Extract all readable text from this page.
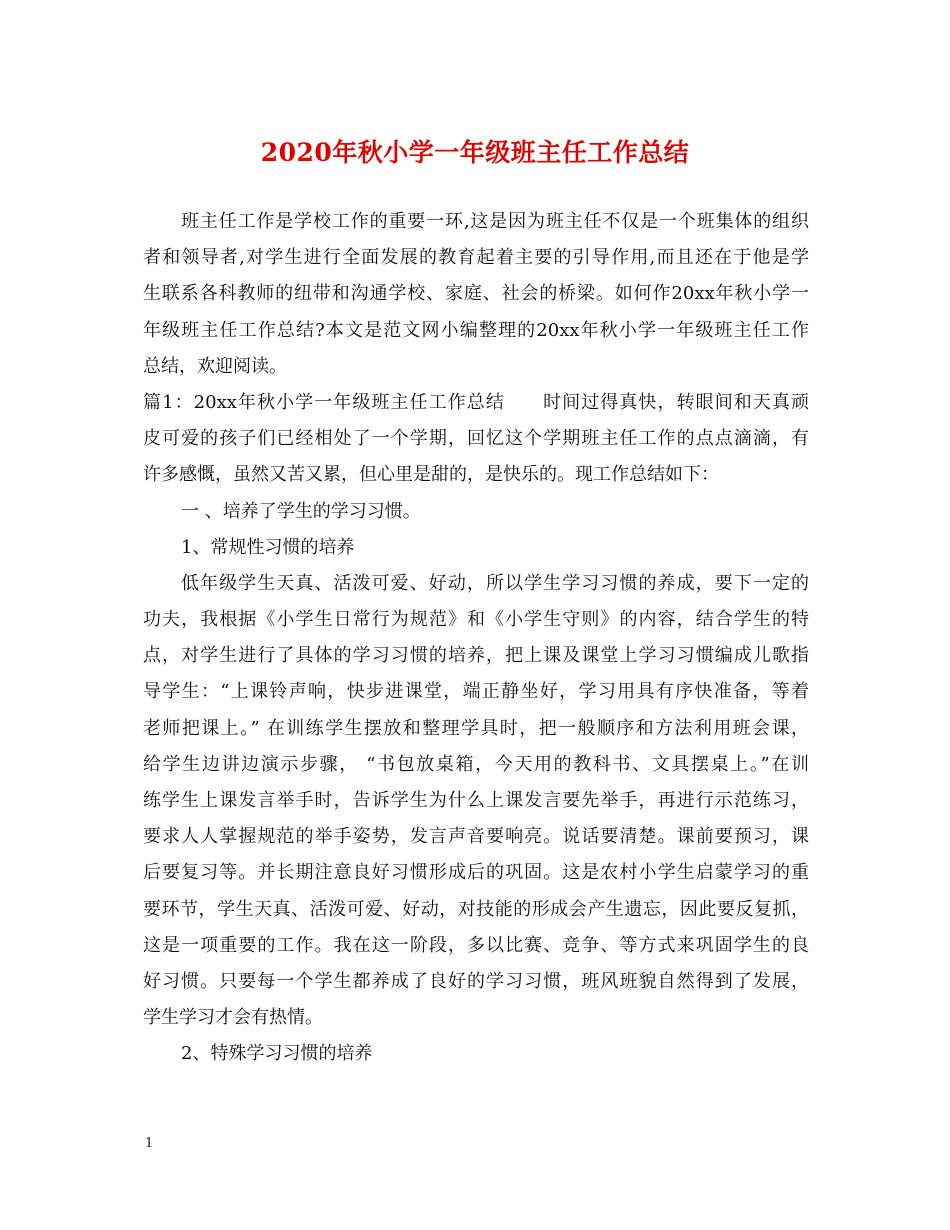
2020年秋小学一年级班主任工作总结
班主任工作是学校工作的重要一环,这是因为班主任不仅是一个班集体的组织
者和领导者,对学生进行全面发展的教育起着主要的引导作用,而且还在于他是学
生联系各科教师的纽带和沟通学校、家庭、社会的桥梁。如何作20xx年秋小学一
年级班主任工作总结?本文是范文网小编整理的20xx年秋小学一年级班主任工作
总结，欢迎阅读。
篇1：20xx年秋小学一年级班主任工作总结　　时间过得真快，转眼间和天真顽
皮可爱的孩子们已经相处了一个学期，回忆这个学期班主任工作的点点滴滴，有
许多感慨，虽然又苦又累，但心里是甜的，是快乐的。现工作总结如下：
一 、培养了学生的学习习惯。
1、常规性习惯的培养
低年级学生天真、活泼可爱、好动，所以学生学习习惯的养成，要下一定的
功夫，我根据《小学生日常行为规范》和《小学生守则》的内容，结合学生的特
点，对学生进行了具体的学习习惯的培养，把上课及课堂上学习习惯编成儿歌指
导学生：“上课铃声响，快步进课堂，端正静坐好，学习用具有序快准备，等着
老师把课上。” 在训练学生摆放和整理学具时，把一般顺序和方法利用班会课，
给学生边讲边演示步骤， “书包放桌箱，今天用的教科书、文具摆桌上。”在训
练学生上课发言举手时，告诉学生为什么上课发言要先举手，再进行示范练习，
要求人人掌握规范的举手姿势，发言声音要响亮。说话要清楚。课前要预习，课
后要复习等。并长期注意良好习惯形成后的巩固。这是农村小学生启蒙学习的重
要环节，学生天真、活泼可爱、好动，对技能的形成会产生遗忘，因此要反复抓，
这是一项重要的工作。我在这一阶段，多以比赛、竞争、等方式来巩固学生的良
好习惯。只要每一个学生都养成了良好的学习习惯，班风班貌自然得到了发展，
学生学习才会有热情。
2、特殊学习习惯的培养
1
